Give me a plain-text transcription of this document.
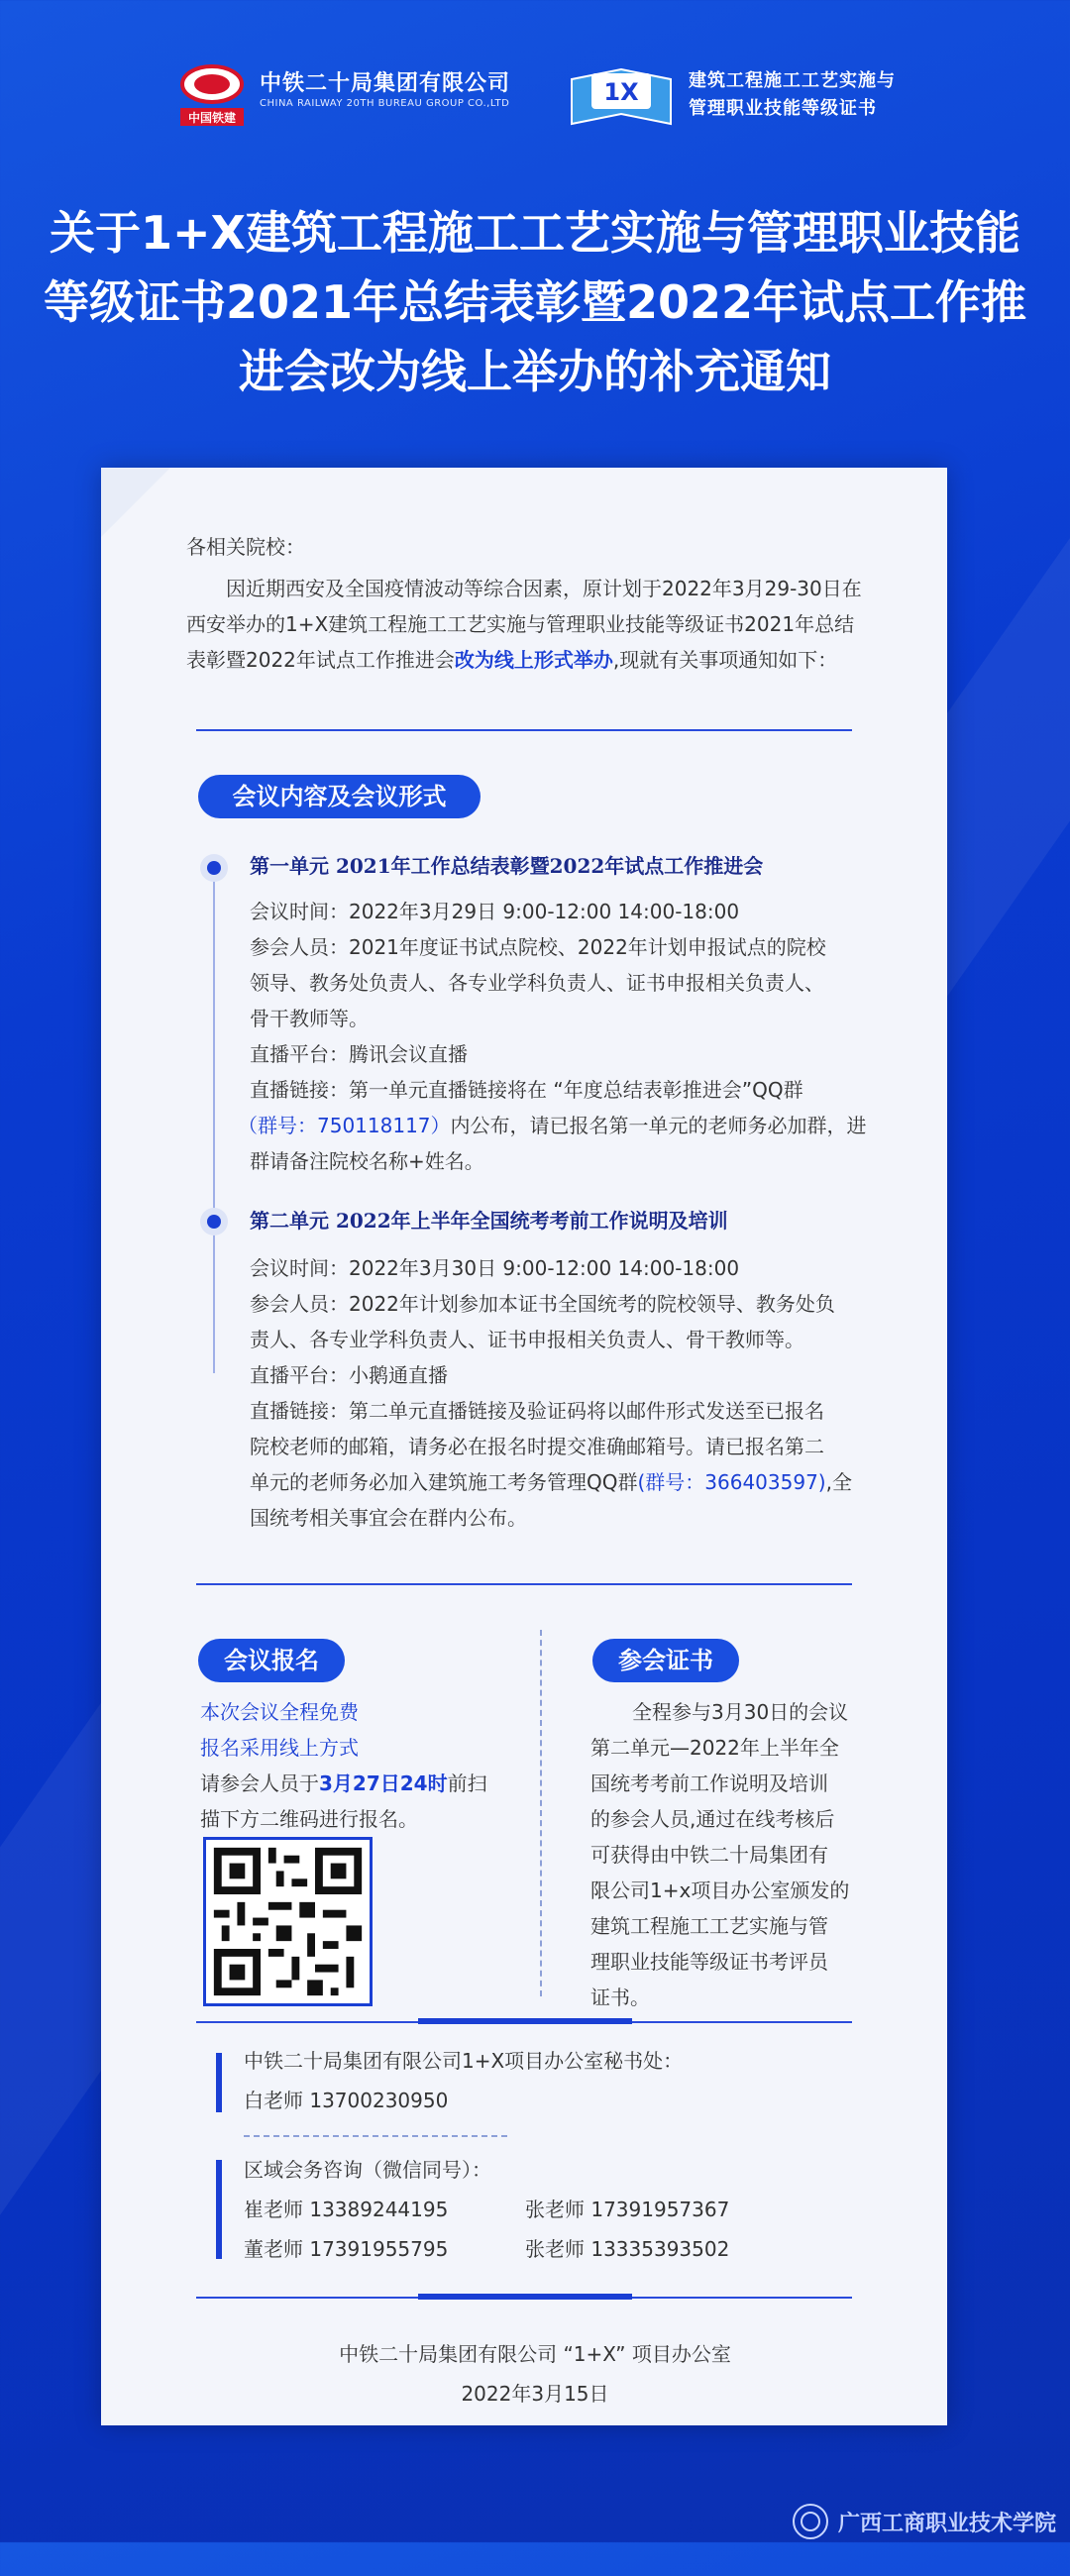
中国铁建
中铁二十局集团有限公司
CHINA RAILWAY 20TH BUREAU GROUP CO.,LTD	1X	建筑工程施工工艺实施与
管理职业技能等级证书
关于1+X建筑工程施工工艺实施与管理职业技能
等级证书2021年总结表彰暨2022年试点工作推
进会改为线上举办的补充通知
各相关院校：
因近期西安及全国疫情波动等综合因素，原计划于2022年3月29-30日在
西安举办的1+X建筑工程施工工艺实施与管理职业技能等级证书2021年总结
表彰暨2022年试点工作推进会改为线上形式举办,现就有关事项通知如下：
会议内容及会议形式
第一单元 2021年工作总结表彰暨2022年试点工作推进会
会议时间：2022年3月29日 9:00-12:00 14:00-18:00
参会人员：2021年度证书试点院校、2022年计划申报试点的院校
领导、教务处负责人、各专业学科负责人、证书申报相关负责人、
骨干教师等。
直播平台：腾讯会议直播
直播链接：第一单元直播链接将在 “年度总结表彰推进会”QQ群
（群号：750118117）内公布，请已报名第一单元的老师务必加群，进
群请备注院校名称+姓名。
第二单元 2022年上半年全国统考考前工作说明及培训
会议时间：2022年3月30日 9:00-12:00 14:00-18:00
参会人员：2022年计划参加本证书全国统考的院校领导、教务处负
责人、各专业学科负责人、证书申报相关负责人、骨干教师等。
直播平台：小鹅通直播
直播链接：第二单元直播链接及验证码将以邮件形式发送至已报名
院校老师的邮箱，请务必在报名时提交准确邮箱号。请已报名第二
单元的老师务必加入建筑施工考务管理QQ群(群号：366403597),全
国统考相关事宜会在群内公布。
会议报名
本次会议全程免费
报名采用线上方式
请参会人员于3月27日24时前扫
描下方二维码进行报名。
参会证书
全程参与3月30日的会议
第二单元—2022年上半年全
国统考考前工作说明及培训
的参会人员,通过在线考核后
可获得由中铁二十局集团有
限公司1+x项目办公室颁发的
建筑工程施工工艺实施与管
理职业技能等级证书考评员
证书。
中铁二十局集团有限公司1+X项目办公室秘书处：
白老师 13700230950
区域会务咨询（微信同号）：
崔老师 13389244195	张老师 17391957367
董老师 17391955795	张老师 13335393502
中铁二十局集团有限公司 “1+X” 项目办公室
2022年3月15日
广西工商职业技术学院
